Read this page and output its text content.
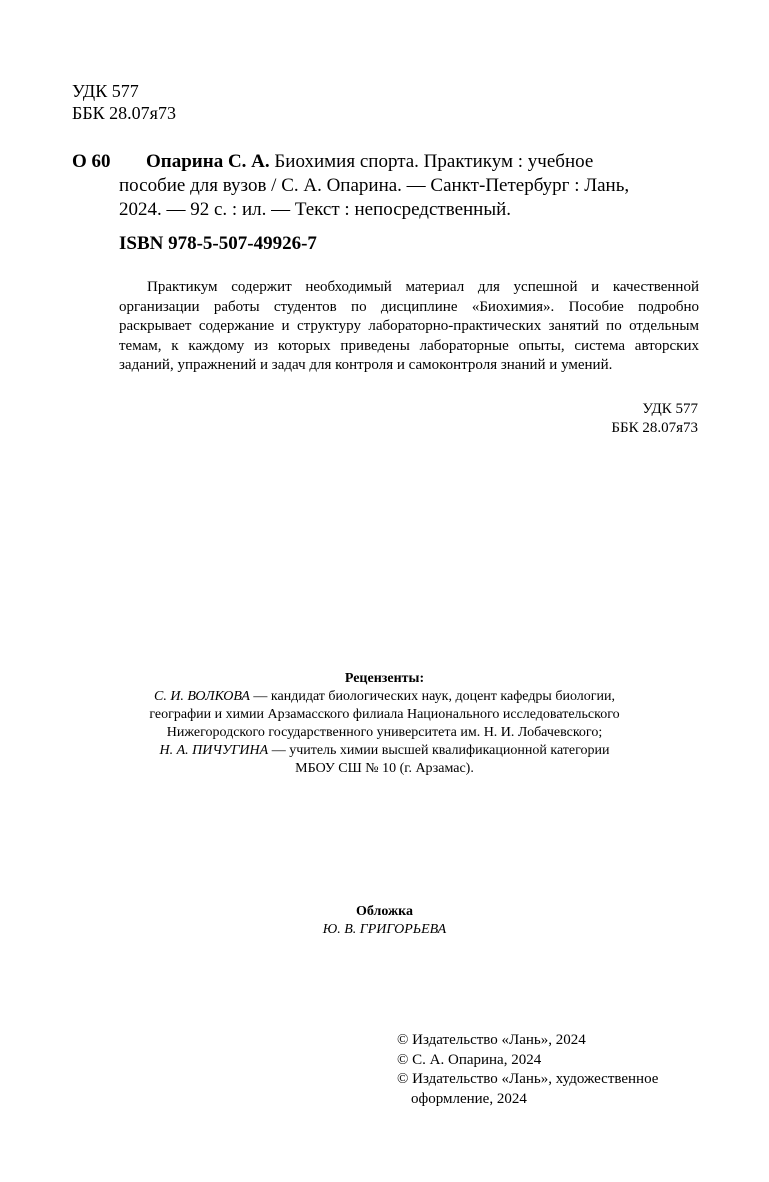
УДК 577
ББК 28.07я73
О 60	Опарина С. А. Биохимия спорта. Практикум : учебное

пособие для вузов / С. А. Опарина. — Санкт-Петербург : Лань,

2024. — 92 с. : ил. — Текст : непосредственный.

ISBN 978-5-507-49926-7

Практикум содержит необходимый материал для успешной и качественной организации работы студентов по дисциплине «Биохимия». Пособие подробно раскрывает содержание и структуру лабораторно-практических занятий по отдельным темам, к каждому из которых приведены лабораторные опыты, система авторских заданий, упражнений и задач для контроля и самоконтроля знаний и умений.

УДК 577
ББК 28.07я73
Рецензенты:
С. И. ВОЛКОВА — кандидат биологических наук, доцент кафедры биологии,
географии и химии Арзамасского филиала Национального исследовательского
Нижегородского государственного университета им. Н. И. Лобачевского;
Н. А. ПИЧУГИНА — учитель химии высшей квалификационной категории
МБОУ СШ № 10 (г. Арзамас).
Обложка
Ю. В. ГРИГОРЬЕВА
© Издательство «Лань», 2024
© С. А. Опарина, 2024
© Издательство «Лань», художественное
оформление, 2024
